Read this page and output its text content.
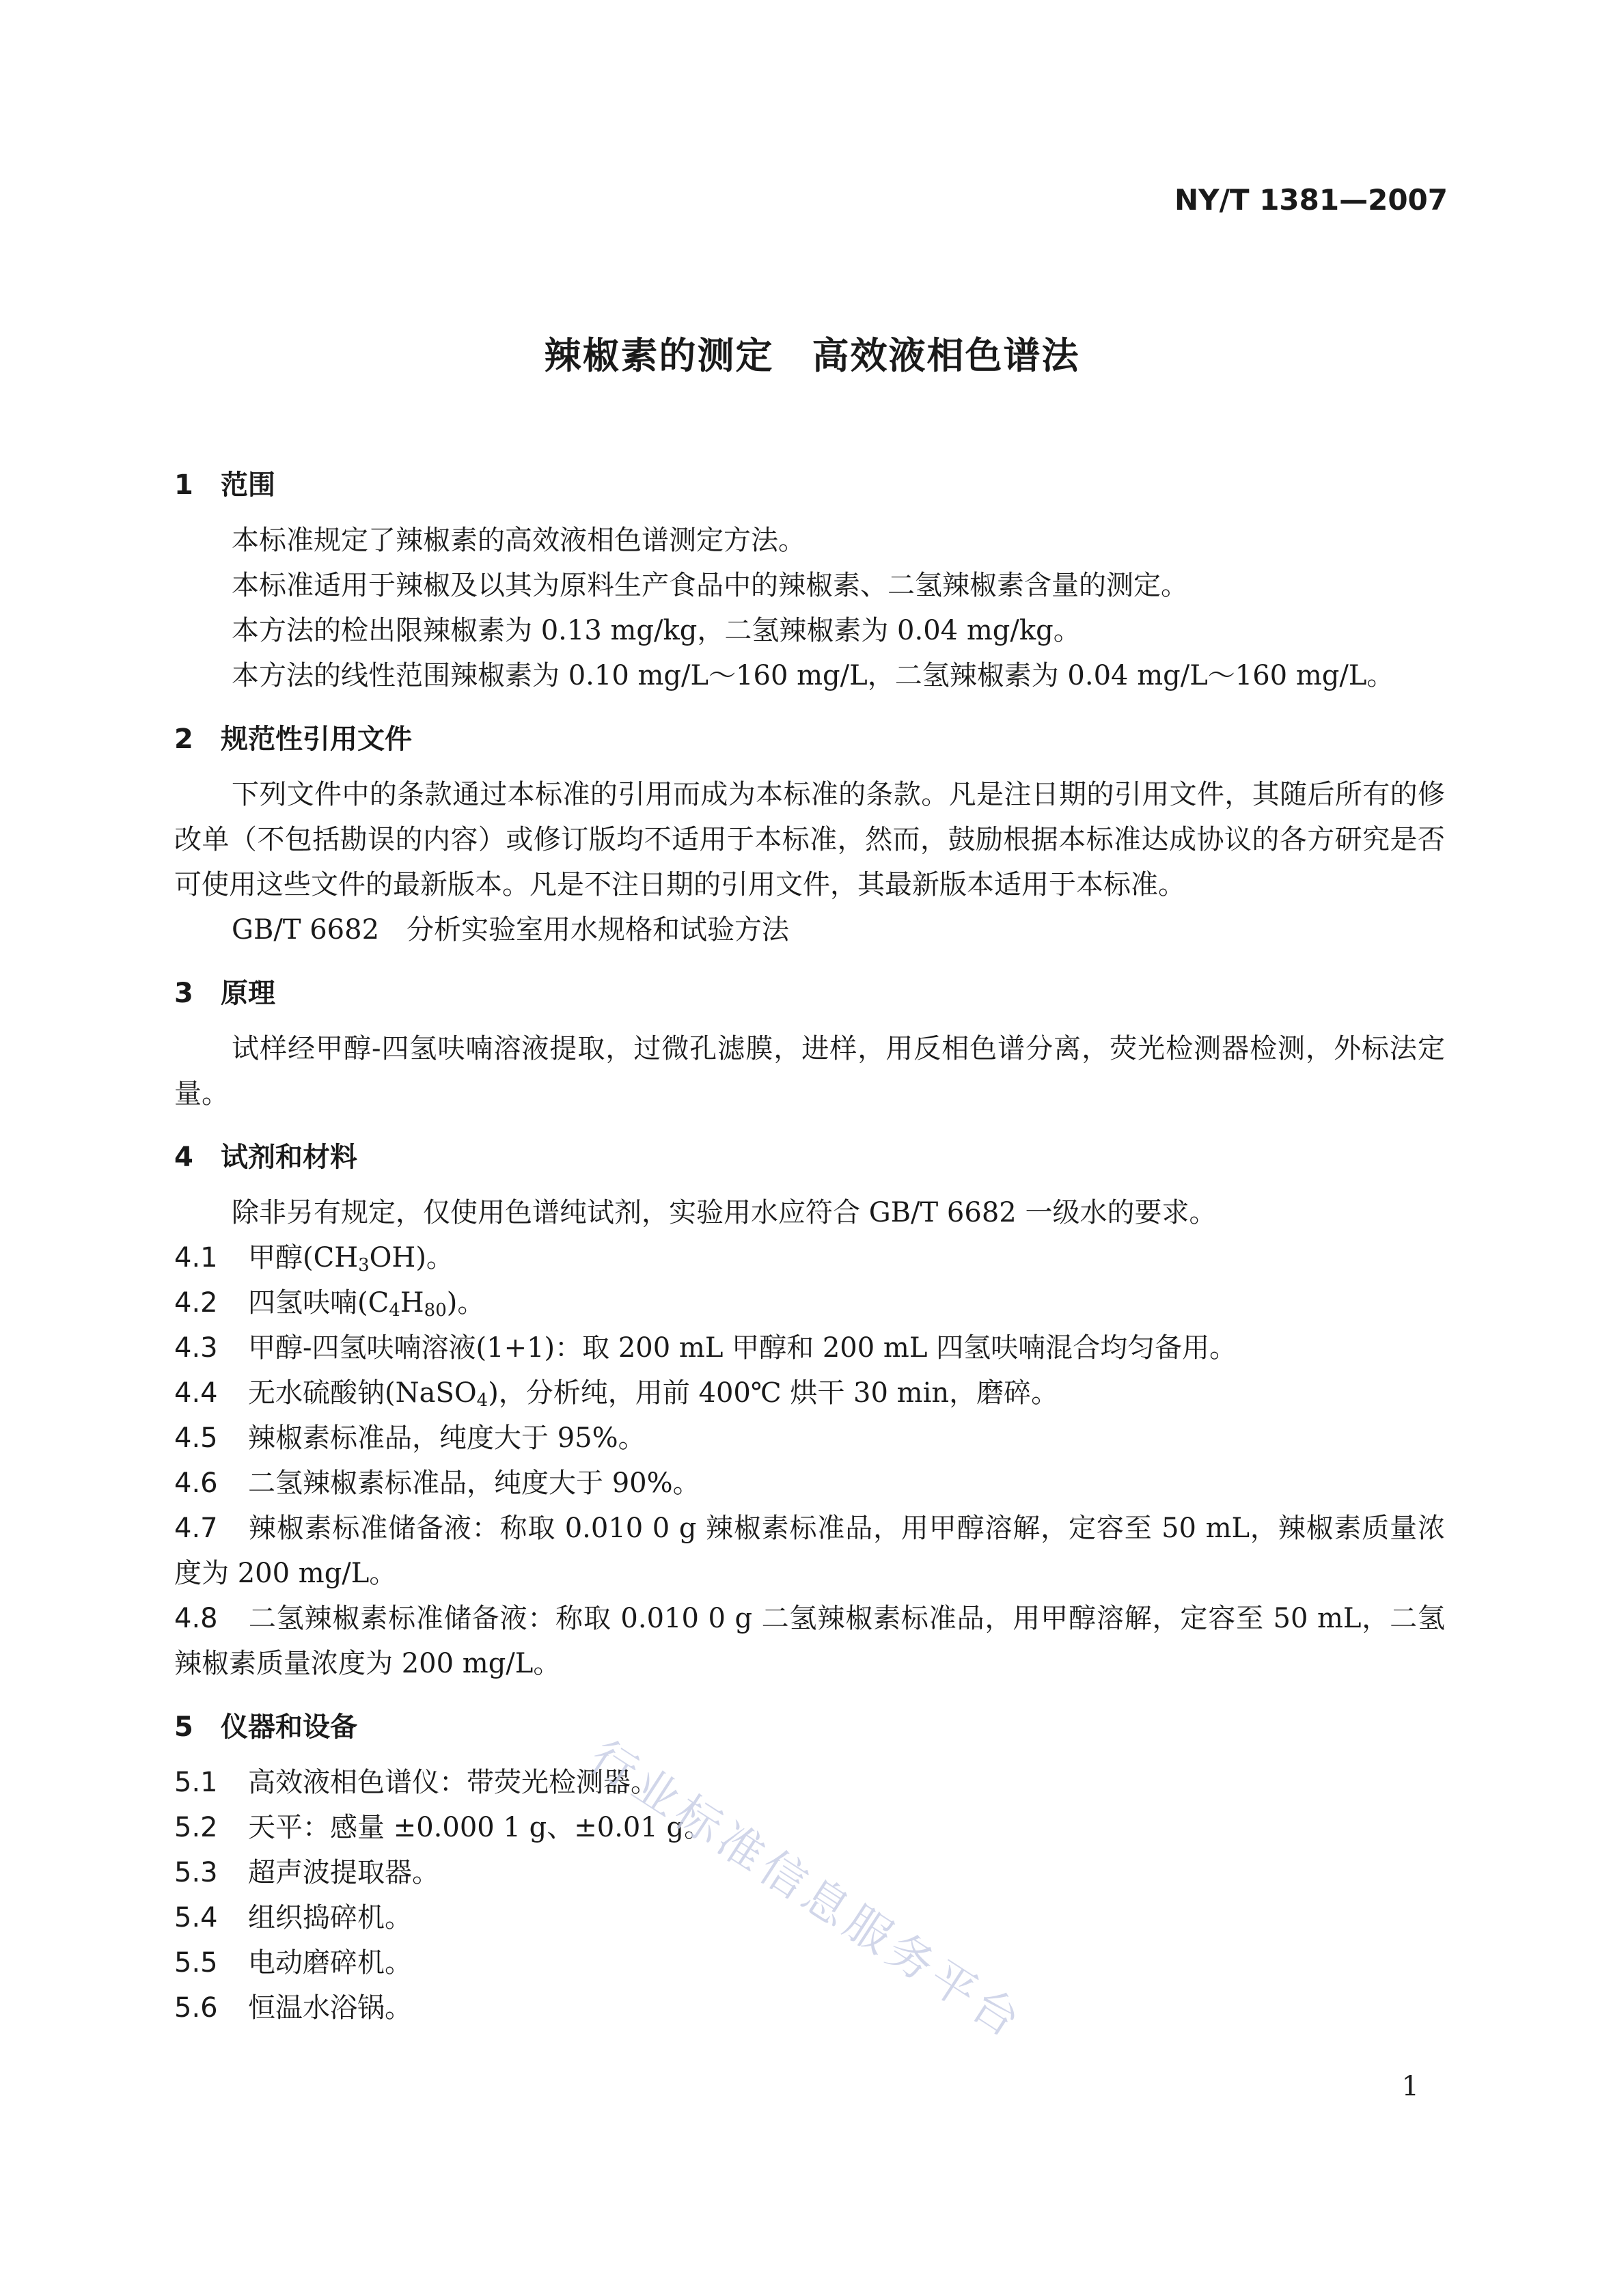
NY/T 1381—2007
辣椒素的测定　高效液相色谱法
1 范围
本标准规定了辣椒素的高效液相色谱测定方法。
本标准适用于辣椒及以其为原料生产食品中的辣椒素、二氢辣椒素含量的测定。
本方法的检出限辣椒素为 0.13 mg/kg，二氢辣椒素为 0.04 mg/kg。
本方法的线性范围辣椒素为 0.10 mg/L～160 mg/L，二氢辣椒素为 0.04 mg/L～160 mg/L。
2 规范性引用文件
下列文件中的条款通过本标准的引用而成为本标准的条款。凡是注日期的引用文件，其随后所有的修改单（不包括勘误的内容）或修订版均不适用于本标准，然而，鼓励根据本标准达成协议的各方研究是否可使用这些文件的最新版本。凡是不注日期的引用文件，其最新版本适用于本标准。
GB/T 6682　分析实验室用水规格和试验方法
3 原理
试样经甲醇-四氢呋喃溶液提取，过微孔滤膜，进样，用反相色谱分离，荧光检测器检测，外标法定量。
4 试剂和材料
除非另有规定，仅使用色谱纯试剂，实验用水应符合 GB/T 6682 一级水的要求。
4.1 甲醇$(CH_3OH)$。
4.2 四氢呋喃$(C_4H_{80})$。
4.3 甲醇-四氢呋喃溶液(1+1)：取 200 mL 甲醇和 200 mL 四氢呋喃混合均匀备用。
4.4 无水硫酸钠(NaSO$_4$)，分析纯，用前 400℃ 烘干 30 min，磨碎。
4.5 辣椒素标准品，纯度大于 95%。
4.6 二氢辣椒素标准品，纯度大于 90%。
4.7 辣椒素标准储备液：称取 0.010 0 g 辣椒素标准品，用甲醇溶解，定容至 50 mL，辣椒素质量浓度为 200 mg/L。
4.8 二氢辣椒素标准储备液：称取 0.010 0 g 二氢辣椒素标准品，用甲醇溶解，定容至 50 mL，二氢辣椒素质量浓度为 200 mg/L。
5 仪器和设备
5.1 高效液相色谱仪：带荧光检测器。
5.2 天平：感量 ±0.000 1 g、±0.01 g。
5.3 超声波提取器。
5.4 组织捣碎机。
5.5 电动磨碎机。
5.6 恒温水浴锅。	行业标准信息服务平台
1
